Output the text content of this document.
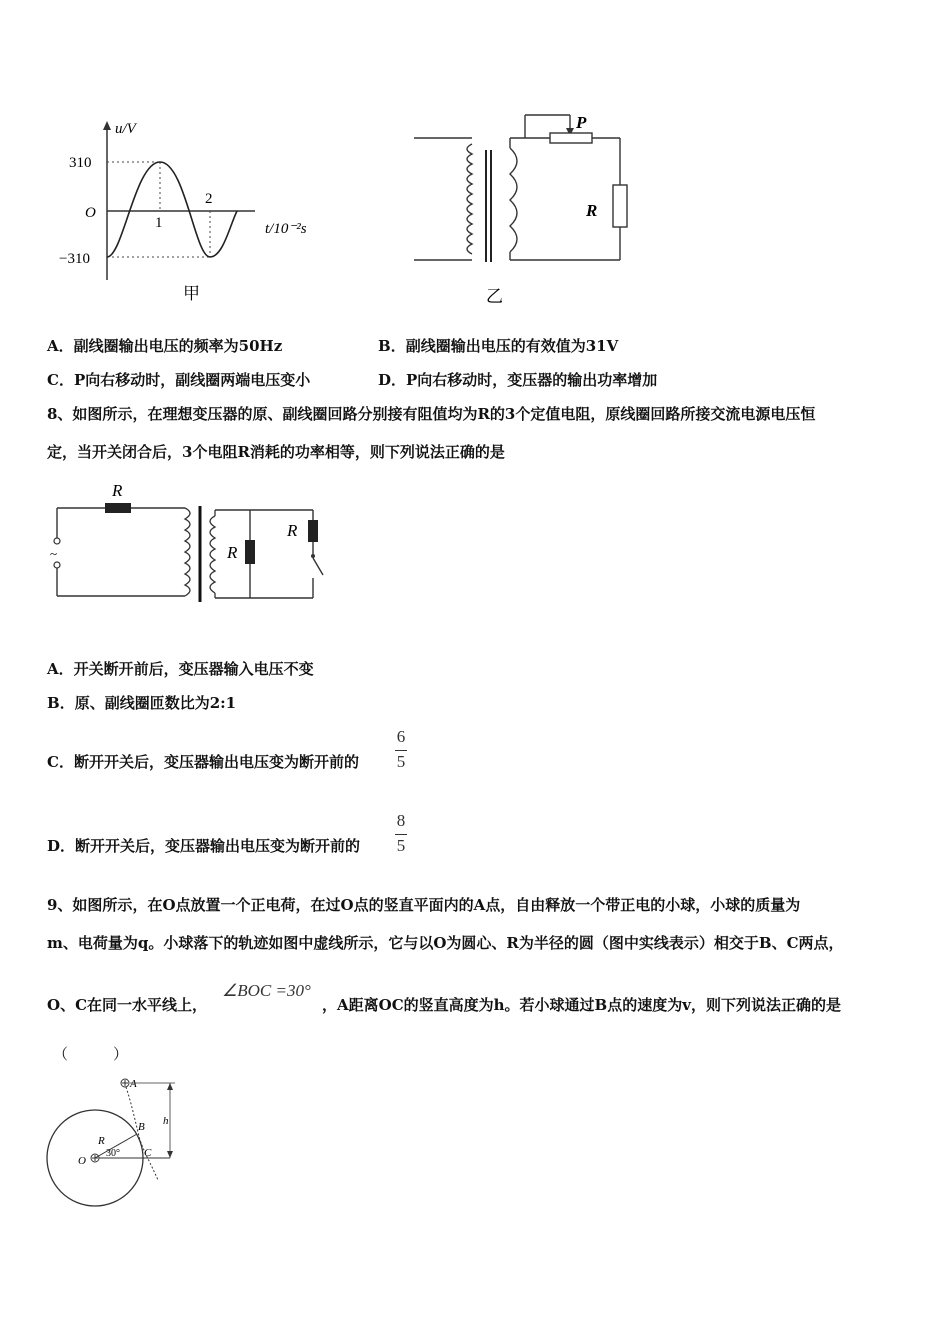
u/V
310
O
−310
1
2
t/10⁻²s
甲
P
R
乙
A．副线圈输出电压的频率为50Hz	B．副线圈输出电压的有效值为31V
C．P向右移动时，副线圈两端电压变小	D．P向右移动时，变压器的输出功率增加
8、如图所示，在理想变压器的原、副线圈回路分别接有阻值均为R的3个定值电阻，原线圈回路所接交流电源电压恒
定，当开关闭合后，3个电阻R消耗的功率相等，则下列说法正确的是
~
R
R
R
A．开关断开前后，变压器输入电压不变
B．原、副线圈匝数比为2:1
C．断开开关后，变压器输出电压变为断开前的
6
5
D．断开开关后，变压器输出电压变为断开前的
8
5
9、如图所示，在O点放置一个正电荷，在过O点的竖直平面内的A点，自由释放一个带正电的小球，小球的质量为
m、电荷量为q。小球落下的轨迹如图中虚线所示，它与以O为圆心、R为半径的圆（图中实线表示）相交于B、C两点，
O、C在同一水平线上，
∠BOC =30°
，A距离OC的竖直高度为h。若小球通过B点的速度为v，则下列说法正确的是
（　　　）
A
B
C
O
R
h
30°
